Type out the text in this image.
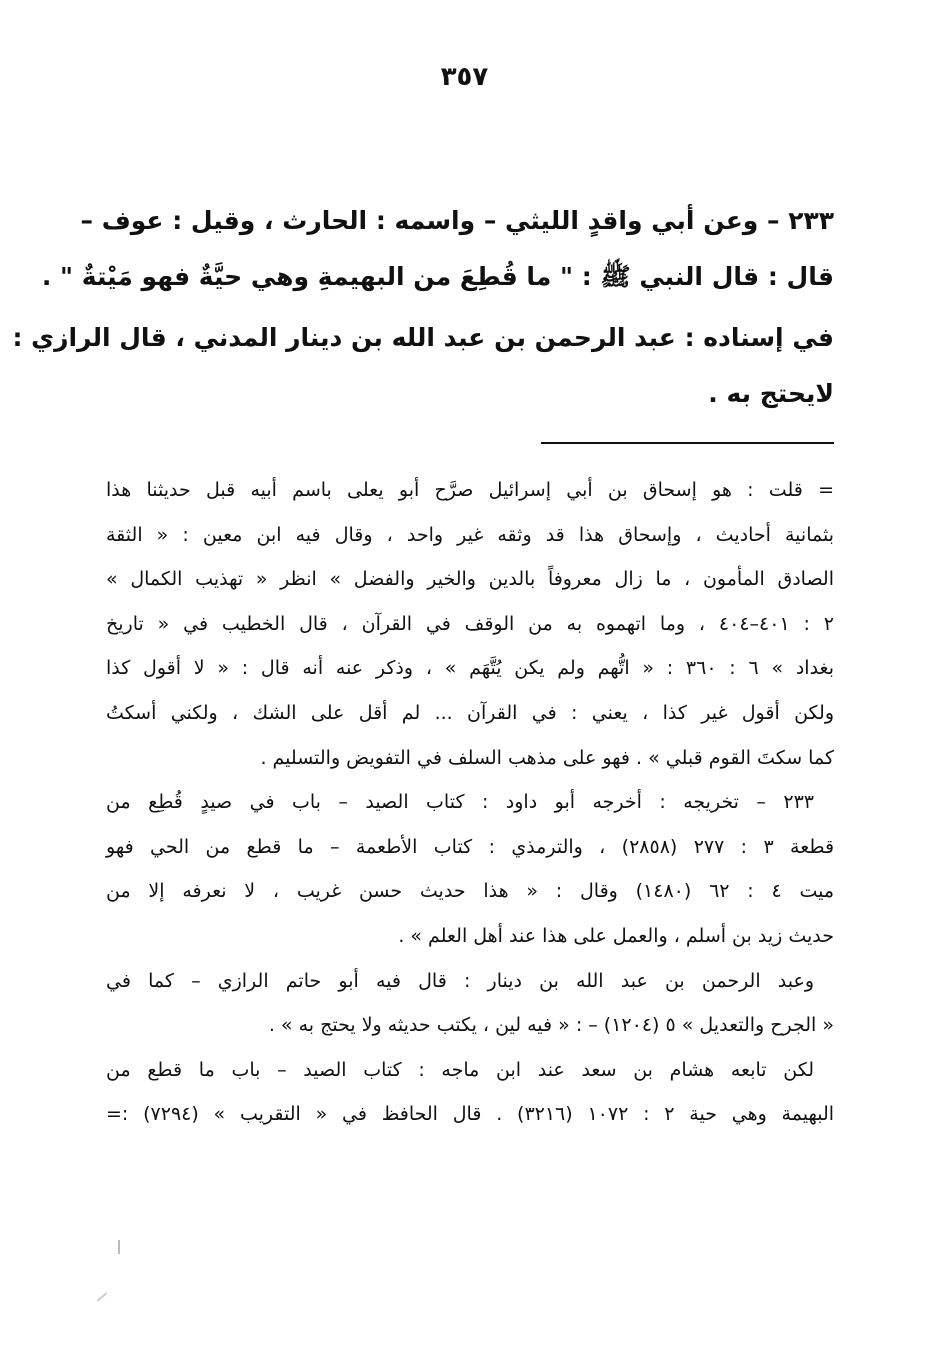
٣٥٧
٢٣٣ – وعن أبي واقدٍ الليثي – واسمه : الحارث ، وقيل : عوف –
قال : قال النبي ﷺ : " ما قُطِعَ من البهيمةِ وهي حيَّةٌ فهو مَيْتةٌ " .
في إسناده : عبد الرحمن بن عبد الله بن دينار المدني ، قال الرازي :
لايحتج به .
= قلت : هو إسحاق بن أبي إسرائيل صرَّح أبو يعلى باسم أبيه قبل حديثنا هذا
بثمانية أحاديث ، وإسحاق هذا قد وثقه غير واحد ، وقال فيه ابن معين : « الثقة
الصادق المأمون ، ما زال معروفاً بالدين والخير والفضل » انظر « تهذيب الكمال »
٢ : ٤٠١–٤٠٤ ، وما اتهموه به من الوقف في القرآن ، قال الخطيب في « تاريخ
بغداد » ٦ : ٣٦٠ : « اتُّهم ولم يكن يُتَّهَم » ، وذكر عنه أنه قال : « لا أقول كذا
ولكن أقول غير كذا ، يعني : في القرآن ... لم أقل على الشك ، ولكني أسكتُ
كما سكتَ القوم قبلي » . فهو على مذهب السلف في التفويض والتسليم .
٢٣٣ – تخريجه : أخرجه أبو داود : كتاب الصيد – باب في صيدٍ قُطِع من
قطعة ٣ : ٢٧٧ (٢٨٥٨) ، والترمذي : كتاب الأطعمة – ما قطع من الحي فهو
ميت ٤ : ٦٢ (١٤٨٠) وقال : « هذا حديث حسن غريب ، لا نعرفه إلا من
حديث زيد بن أسلم ، والعمل على هذا عند أهل العلم » .
وعبد الرحمن بن عبد الله بن دينار : قال فيه أبو حاتم الرازي – كما في
« الجرح والتعديل » ٥ (١٢٠٤) – : « فيه لين ، يكتب حديثه ولا يحتج به » .
لكن تابعه هشام بن سعد عند ابن ماجه : كتاب الصيد – باب ما قطع من
البهيمة وهي حية ٢ : ١٠٧٢ (٣٢١٦) . قال الحافظ في « التقريب » (٧٢٩٤) :=
